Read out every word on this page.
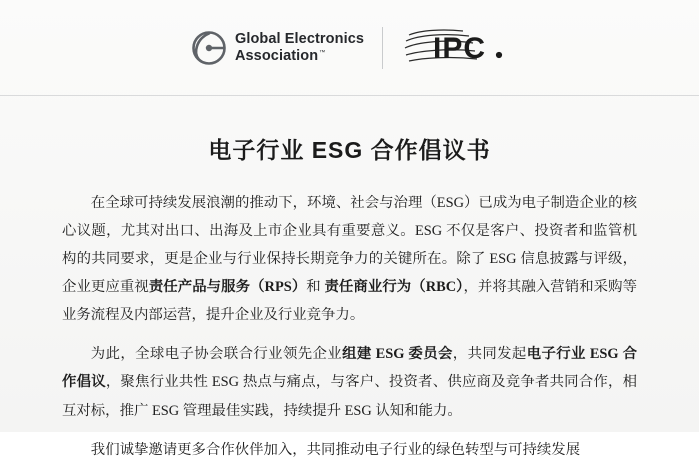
Global Electronics
Association™	IPC
电子行业 ESG 合作倡议书

在全球可持续发展浪潮的推动下，环境、社会与治理（ESG）已成为电子制造企业的核心议题，尤其对出口、出海及上市企业具有重要意义。ESG 不仅是客户、投资者和监管机构的共同要求，更是企业与行业保持长期竞争力的关键所在。除了 ESG 信息披露与评级，企业更应重视责任产品与服务（RPS）和 责任商业行为（RBC），并将其融入营销和采购等业务流程及内部运营，提升企业及行业竞争力。

为此，全球电子协会联合行业领先企业组建 ESG 委员会，共同发起电子行业 ESG 合作倡议，聚焦行业共性 ESG 热点与痛点，与客户、投资者、供应商及竞争者共同合作，相互对标，推广 ESG 管理最佳实践，持续提升 ESG 认知和能力。

我们诚挚邀请更多合作伙伴加入，共同推动电子行业的绿色转型与可持续发展
